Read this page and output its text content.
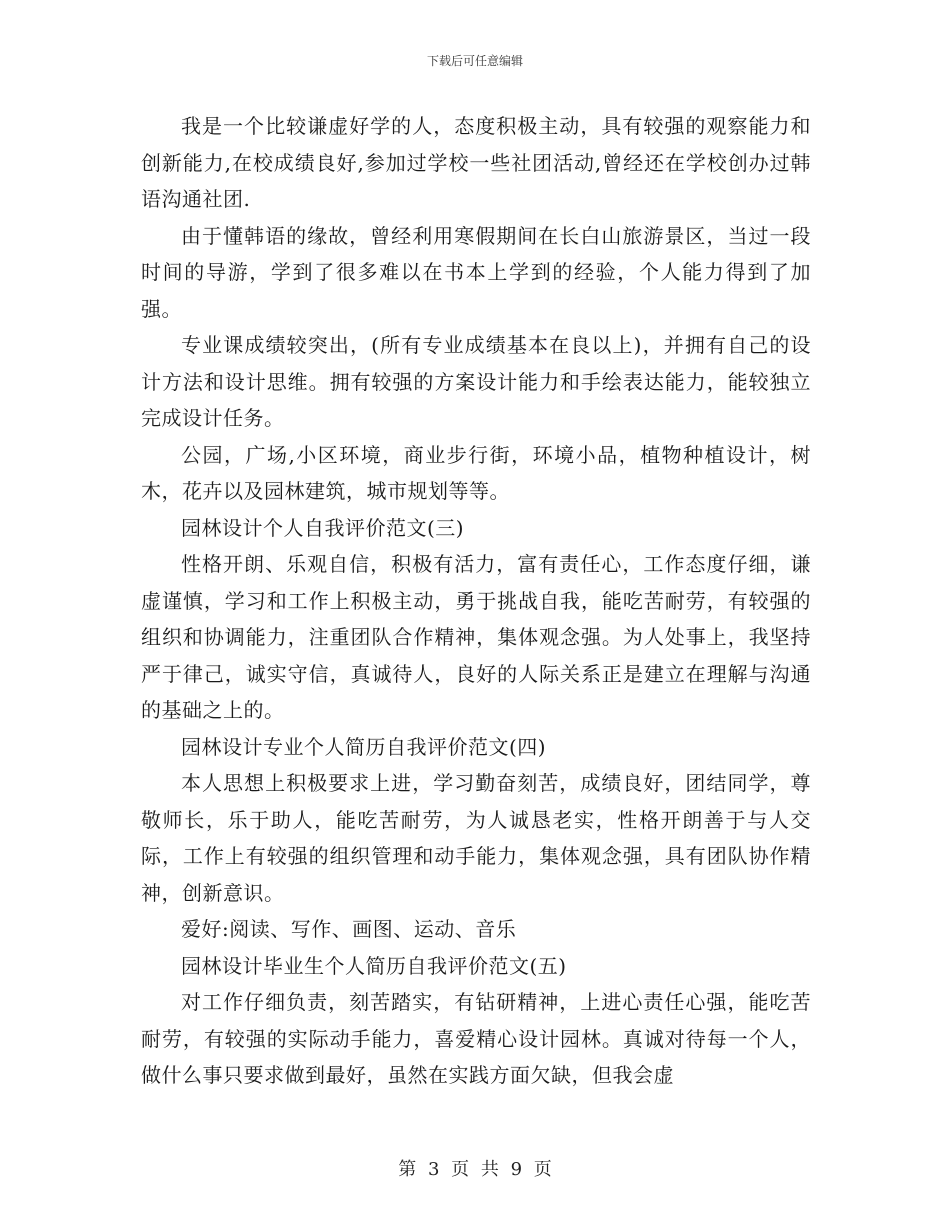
下载后可任意编辑

我是一个比较谦虚好学的人，态度积极主动，具有较强的观察能力和创新能力,在校成绩良好,参加过学校一些社团活动,曾经还在学校创办过韩语沟通社团.

由于懂韩语的缘故，曾经利用寒假期间在长白山旅游景区，当过一段时间的导游，学到了很多难以在书本上学到的经验，个人能力得到了加强。

专业课成绩较突出，(所有专业成绩基本在良以上)，并拥有自己的设计方法和设计思维。拥有较强的方案设计能力和手绘表达能力，能较独立完成设计任务。

公园，广场,小区环境，商业步行街，环境小品，植物种植设计，树木，花卉以及园林建筑，城市规划等等。

园林设计个人自我评价范文(三)

性格开朗、乐观自信，积极有活力，富有责任心，工作态度仔细，谦虚谨慎，学习和工作上积极主动，勇于挑战自我，能吃苦耐劳，有较强的组织和协调能力，注重团队合作精神，集体观念强。为人处事上，我坚持严于律己，诚实守信，真诚待人，良好的人际关系正是建立在理解与沟通的基础之上的。

园林设计专业个人简历自我评价范文(四)

本人思想上积极要求上进，学习勤奋刻苦，成绩良好，团结同学，尊敬师长，乐于助人，能吃苦耐劳，为人诚恳老实，性格开朗善于与人交际，工作上有较强的组织管理和动手能力，集体观念强，具有团队协作精神，创新意识。

爱好:阅读、写作、画图、运动、音乐

园林设计毕业生个人简历自我评价范文(五)

对工作仔细负责，刻苦踏实，有钻研精神，上进心责任心强，能吃苦耐劳，有较强的实际动手能力，喜爱精心设计园林。真诚对待每一个人，做什么事只要求做到最好，虽然在实践方面欠缺，但我会虚

第 3 页 共 9 页
